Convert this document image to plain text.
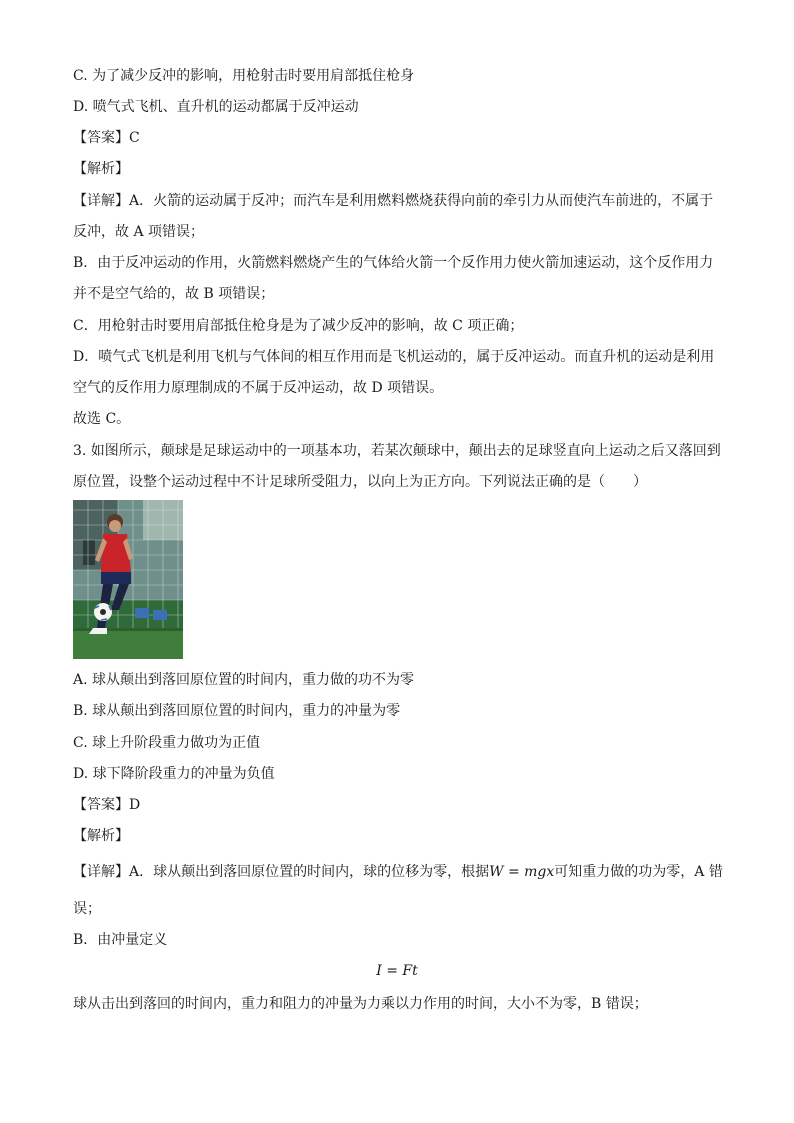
C. 为了减少反冲的影响，用枪射击时要用肩部抵住枪身

D. 喷气式飞机、直升机的运动都属于反冲运动

【答案】C

【解析】

【详解】A．火箭的运动属于反冲；而汽车是利用燃料燃烧获得向前的牵引力从而使汽车前进的，不属于

反冲，故 A 项错误；

B．由于反冲运动的作用，火箭燃料燃烧产生的气体给火箭一个反作用力使火箭加速运动，这个反作用力

并不是空气给的，故 B 项错误；

C．用枪射击时要用肩部抵住枪身是为了减少反冲的影响，故 C 项正确；

D．喷气式飞机是利用飞机与气体间的相互作用而是飞机运动的，属于反冲运动。而直升机的运动是利用

空气的反作用力原理制成的不属于反冲运动，故 D 项错误。

故选 C。

3. 如图所示，颠球是足球运动中的一项基本功，若某次颠球中，颠出去的足球竖直向上运动之后又落回到

原位置，设整个运动过程中不计足球所受阻力，以向上为正方向。下列说法正确的是（　　）

A. 球从颠出到落回原位置的时间内，重力做的功不为零

B. 球从颠出到落回原位置的时间内，重力的冲量为零

C. 球上升阶段重力做功为正值

D. 球下降阶段重力的冲量为负值

【答案】D

【解析】

【详解】A．球从颠出到落回原位置的时间内，球的位移为零，根据W = mgx可知重力做的功为零，A 错

误；

B．由冲量定义

I = Ft

球从击出到落回的时间内，重力和阻力的冲量为力乘以力作用的时间，大小不为零，B 错误；
